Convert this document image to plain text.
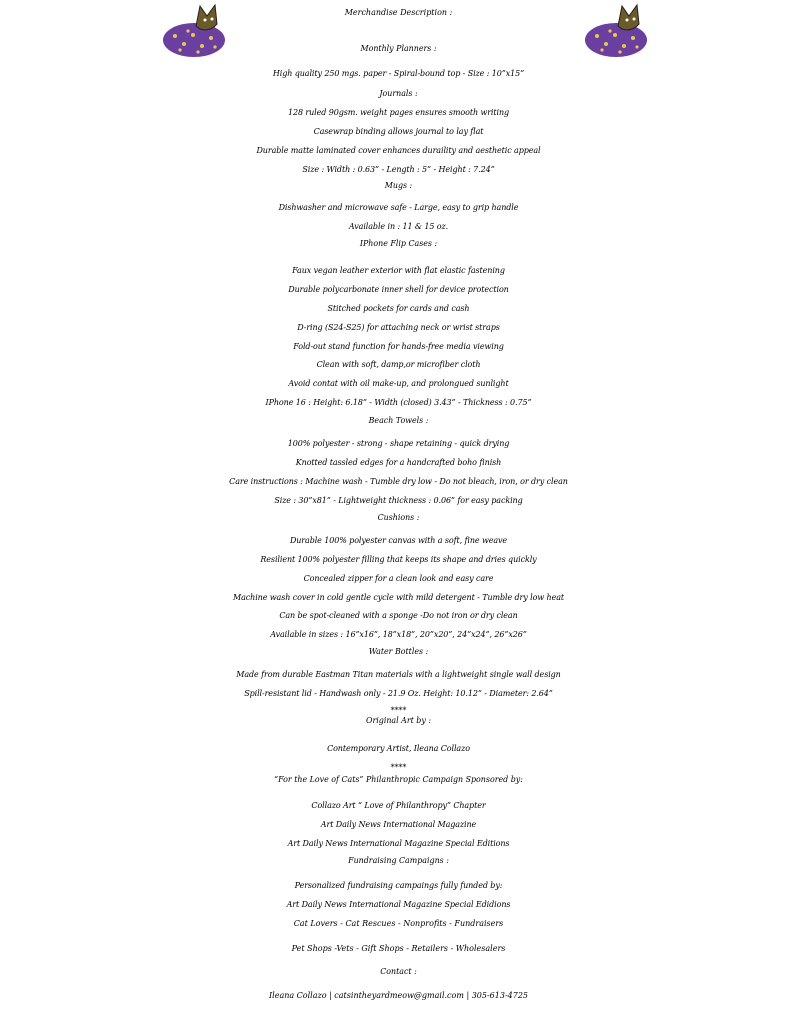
Merchandise Description :
Monthly Planners :
High quality 250 mgs. paper - Spiral-bound top - Size : 10”x15”
Journals :
128 ruled 90gsm. weight pages ensures smooth writing
Casewrap binding allows journal to lay flat
Durable matte laminated cover enhances duraility and aesthetic appeal
Size : Width : 0.63” - Length : 5” - Height : 7.24”
Mugs :
Dishwasher and microwave safe - Large, easy to grip handle
Available in : 11 & 15 oz.
IPhone Flip Cases :
Faux vegan leather exterior with flat elastic fastening
Durable polycarbonate inner shell for device protection
Stitched pockets for cards and cash
D-ring (S24-S25) for attaching neck or wrist straps
Fold-out stand function for hands-free media viewing
Clean with soft, damp,or microfiber cloth
Avoid contat with oil make-up, and prolongued sunlight
IPhone 16 : Height: 6.18” - Width (closed) 3.43” - Thickness : 0.75”
Beach Towels :
100% polyester - strong - shape retaining - quick drying
Knotted tassled edges for a handcrafted boho finish
Care instructions : Machine wash - Tumble dry low - Do not bleach, iron, or dry clean
Size : 30”x81” - Lightweight thickness : 0.06” for easy packing
Cushions :
Durable 100% polyester canvas with a soft, fine weave
Resilient 100% polyester filling that keeps its shape and dries quickly
Concealed zipper for a clean look and easy care
Machine wash cover in cold gentle cycle with mild detergent - Tumble dry low heat
Can be spot-cleaned with a sponge -Do not iron or dry clean
Available in sizes : 16”x16”, 18”x18”, 20”x20”, 24”x24”, 26”x26”
Water Bottles :
Made from durable Eastman Titan materials with a lightweight single wall design
Spill-resistant lid - Handwash only - 21.9 Oz. Height: 10.12” - Diameter: 2.64”
****
Original Art by :
Contemporary Artist, Ileana Collazo
****
“For the Love of Cats” Philanthropic Campaign Sponsored by:
Collazo Art “ Love of Philanthropy” Chapter
Art Daily News International Magazine
Art Daily News International Magazine Special Editions
Fundraising Campaigns :
Personalized fundraising campaings fully funded by:
Art Daily News International Magazine Special Edidions
Cat Lovers - Cat Rescues - Nonprofits - Fundraisers
Pet Shops -Vets - Gift Shops - Retailers - Wholesalers
Contact :
Ileana Collazo | catsintheyardmeow@gmail.com | 305-613-4725
